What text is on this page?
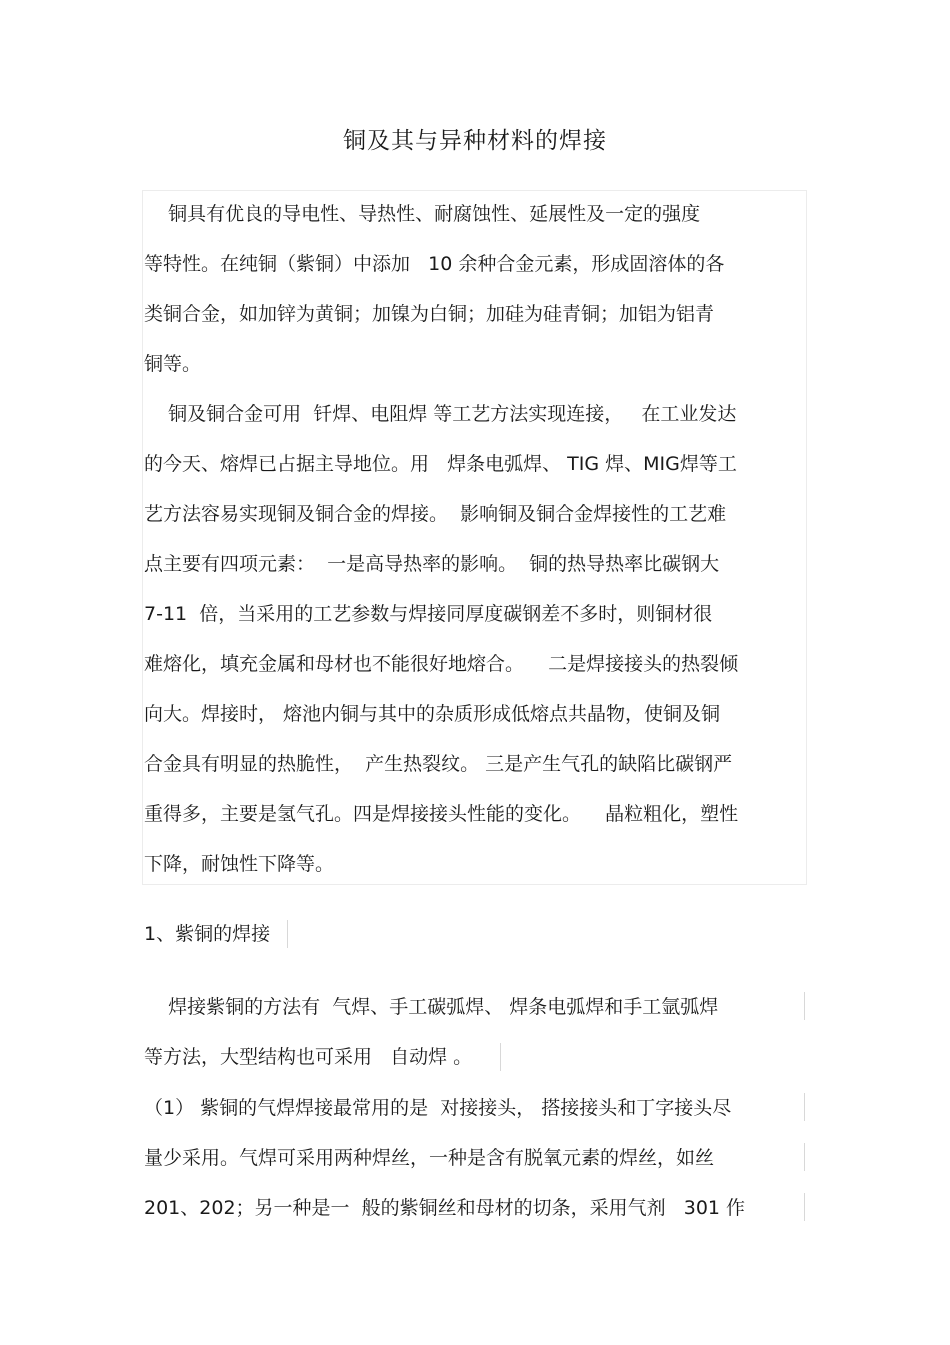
铜及其与异种材料的焊接
铜具有优良的导电性、导热性、耐腐蚀性、延展性及一定的强度
等特性。在纯铜（紫铜）中添加   10 余种合金元素，形成固溶体的各
类铜合金，如加锌为黄铜；加镍为白铜；加硅为硅青铜；加铝为铝青
铜等。
铜及铜合金可用  钎焊、电阻焊 等工艺方法实现连接，   在工业发达
的今天、熔焊已占据主导地位。用   焊条电弧焊、 TIG 焊、MIG焊等工
艺方法容易实现铜及铜合金的焊接。  影响铜及铜合金焊接性的工艺难
点主要有四项元素：  一是高导热率的影响。  铜的热导热率比碳钢大
7-11  倍，当采用的工艺参数与焊接同厚度碳钢差不多时，则铜材很
难熔化，填充金属和母材也不能很好地熔合。    二是焊接接头的热裂倾
向大。焊接时， 熔池内铜与其中的杂质形成低熔点共晶物，使铜及铜
合金具有明显的热脆性，  产生热裂纹。 三是产生气孔的缺陷比碳钢严
重得多，主要是氢气孔。四是焊接接头性能的变化。    晶粒粗化，塑性
下降，耐蚀性下降等。
1、紫铜的焊接
焊接紫铜的方法有  气焊、手工碳弧焊、 焊条电弧焊和手工氩弧焊
等方法，大型结构也可采用   自动焊 。
（1） 紫铜的气焊焊接最常用的是  对接接头， 搭接接头和丁字接头尽
量少采用。气焊可采用两种焊丝，一种是含有脱氧元素的焊丝，如丝
201、202；另一种是一  般的紫铜丝和母材的切条，采用气剂   301 作
